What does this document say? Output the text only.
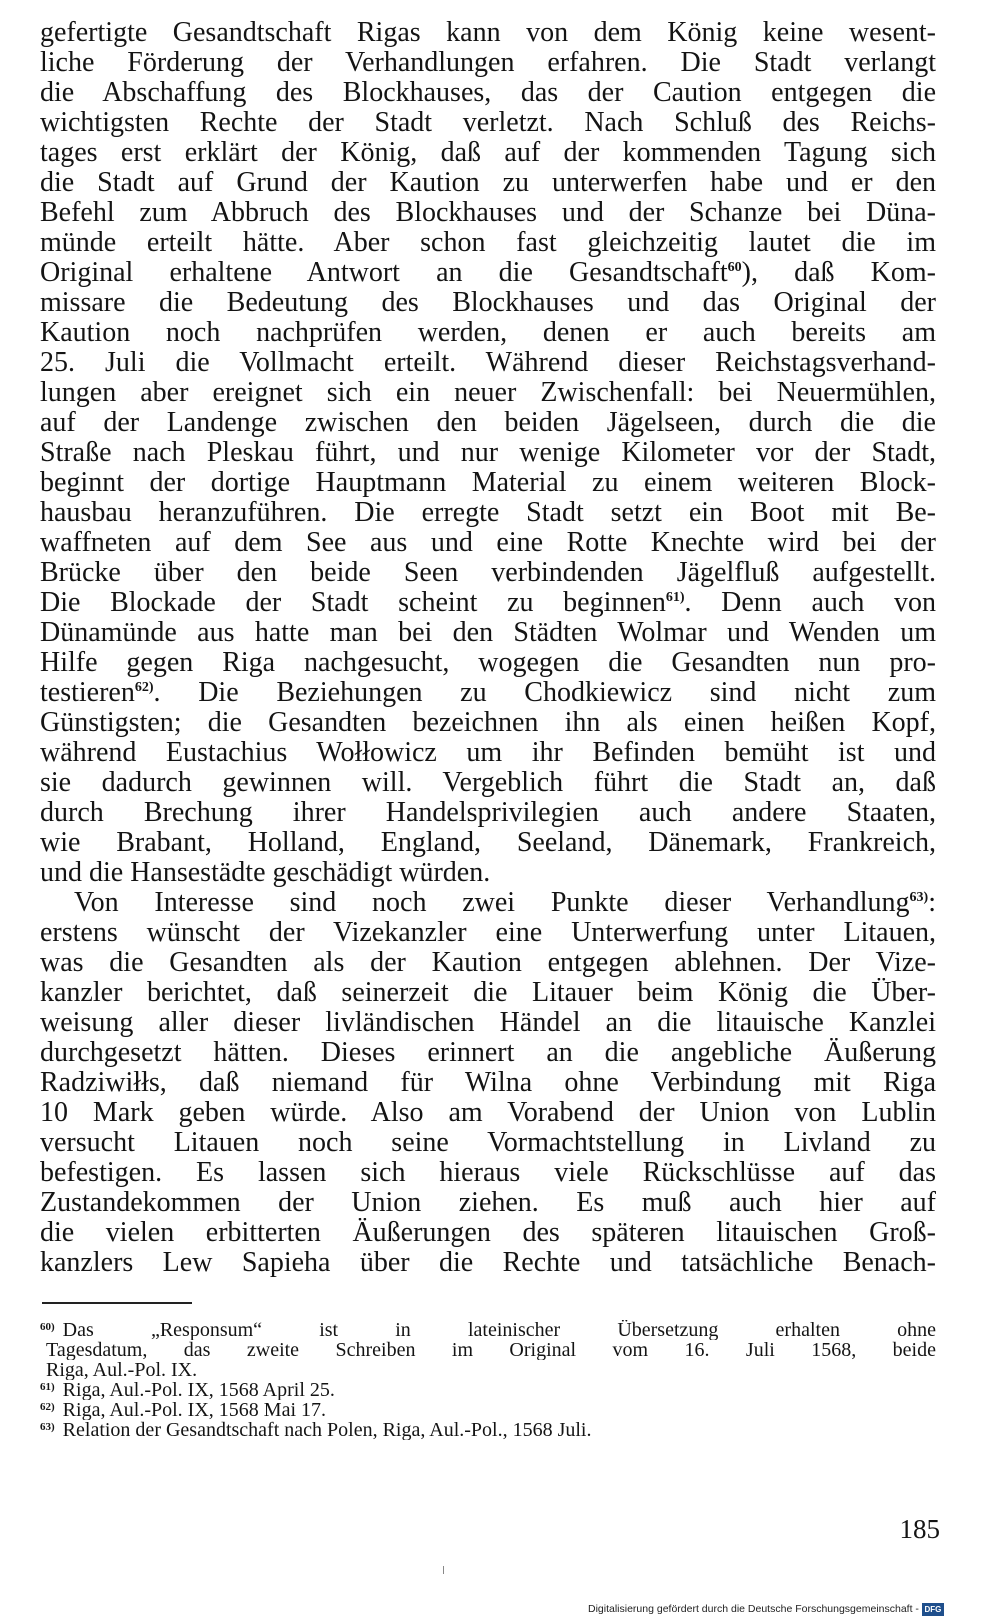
gefertigte Gesandtschaft Rigas kann von dem König keine wesent-
liche Förderung der Verhandlungen erfahren. Die Stadt verlangt
die Abschaffung des Blockhauses, das der Caution entgegen die
wichtigsten Rechte der Stadt verletzt. Nach Schluß des Reichs-
tages erst erklärt der König, daß auf der kommenden Tagung sich
die Stadt auf Grund der Kaution zu unterwerfen habe und er den
Befehl zum Abbruch des Blockhauses und der Schanze bei Düna-
münde erteilt hätte. Aber schon fast gleichzeitig lautet die im
Original erhaltene Antwort an die Gesandtschaft$^{60}$), daß Kom-
missare die Bedeutung des Blockhauses und das Original der
Kaution noch nachprüfen werden, denen er auch bereits am
25. Juli die Vollmacht erteilt. Während dieser Reichstagsverhand-
lungen aber ereignet sich ein neuer Zwischenfall: bei Neuermühlen,
auf der Landenge zwischen den beiden Jägelseen, durch die die
Straße nach Pleskau führt, und nur wenige Kilometer vor der Stadt,
beginnt der dortige Hauptmann Material zu einem weiteren Block-
hausbau heranzuführen. Die erregte Stadt setzt ein Boot mit Be-
waffneten auf dem See aus und eine Rotte Knechte wird bei der
Brücke über den beide Seen verbindenden Jägelfluß aufgestellt.
Die Blockade der Stadt scheint zu beginnen$^{61)}$. Denn auch von
Dünamünde aus hatte man bei den Städten Wolmar und Wenden um
Hilfe gegen Riga nachgesucht, wogegen die Gesandten nun pro-
testieren$^{62)}$. Die Beziehungen zu Chodkiewicz sind nicht zum
Günstigsten; die Gesandten bezeichnen ihn als einen heißen Kopf,
während Eustachius Wołłowicz um ihr Befinden bemüht ist und
sie dadurch gewinnen will. Vergeblich führt die Stadt an, daß
durch Brechung ihrer Handelsprivilegien auch andere Staaten,
wie Brabant, Holland, England, Seeland, Dänemark, Frankreich,
und die Hansestädte geschädigt würden.
Von Interesse sind noch zwei Punkte dieser Verhandlung$^{63)}$:
erstens wünscht der Vizekanzler eine Unterwerfung unter Litauen,
was die Gesandten als der Kaution entgegen ablehnen. Der Vize-
kanzler berichtet, daß seinerzeit die Litauer beim König die Über-
weisung aller dieser livländischen Händel an die litauische Kanzlei
durchgesetzt hätten. Dieses erinnert an die angebliche Äußerung
Radziwiłłs, daß niemand für Wilna ohne Verbindung mit Riga
10 Mark geben würde. Also am Vorabend der Union von Lublin
versucht Litauen noch seine Vormachtstellung in Livland zu
befestigen. Es lassen sich hieraus viele Rückschlüsse auf das
Zustandekommen der Union ziehen. Es muß auch hier auf
die vielen erbitterten Äußerungen des späteren litauischen Groß-
kanzlers Lew Sapieha über die Rechte und tatsächliche Benach-
$^{60)}$ Das „Responsum“ ist in lateinischer Übersetzung erhalten ohne
Tagesdatum, das zweite Schreiben im Original vom 16. Juli 1568, beide
Riga, Aul.-Pol. IX.
$^{61)}$ Riga, Aul.-Pol. IX, 1568 April 25.
$^{62)}$ Riga, Aul.-Pol. IX, 1568 Mai 17.
$^{63)}$ Relation der Gesandtschaft nach Polen, Riga, Aul.-Pol., 1568 Juli.
185
Digitalisierung gefördert durch die Deutsche Forschungsgemeinschaft - DFG
